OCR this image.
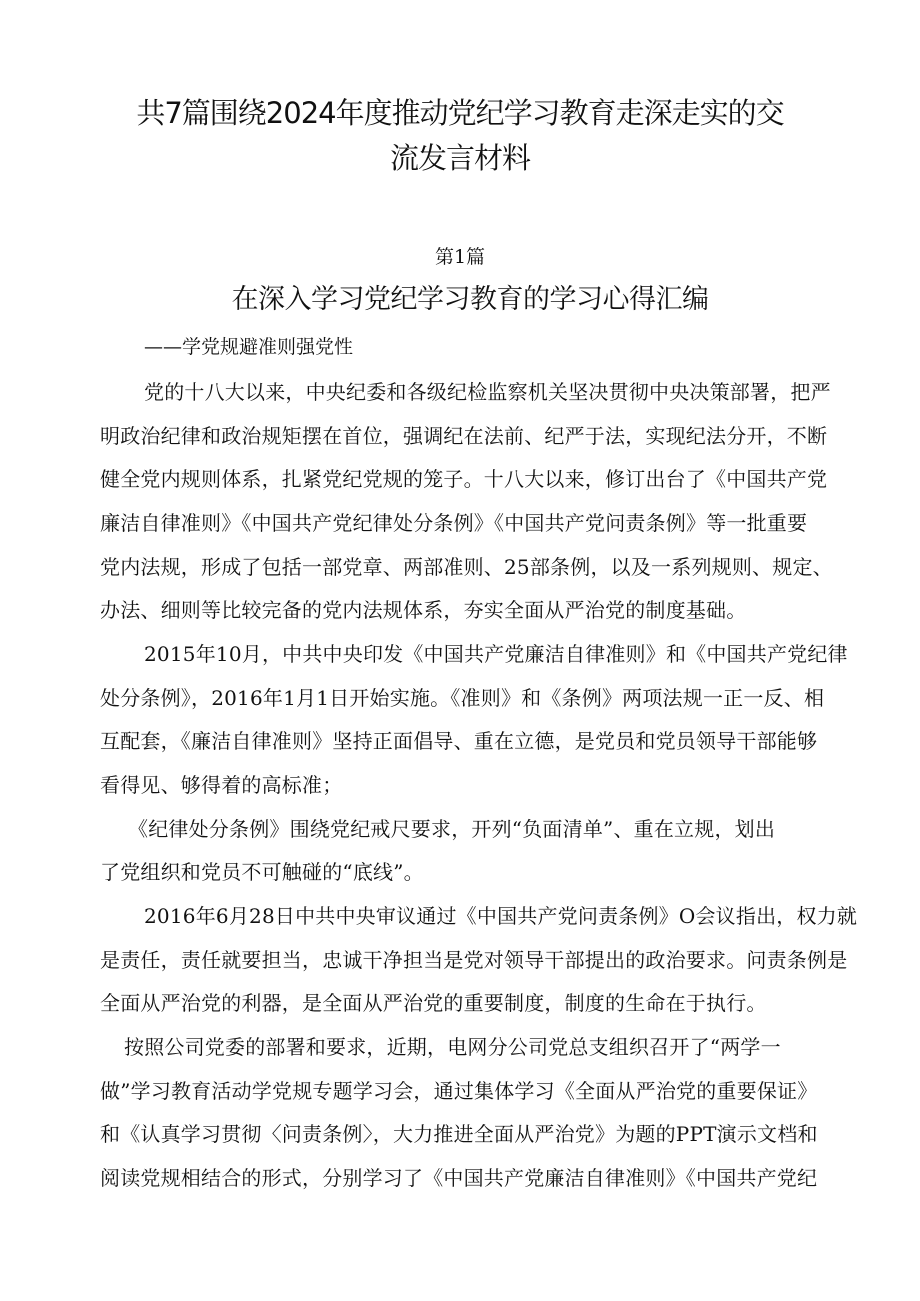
共7篇围绕2024年度推动党纪学习教育走深走实的交
流发言材料
第1篇
在深入学习党纪学习教育的学习心得汇编
——学党规避准则强党性
党的十八大以来，中央纪委和各级纪检监察机关坚决贯彻中央决策部署，把严
明政治纪律和政治规矩摆在首位，强调纪在法前、纪严于法，实现纪法分开，不断
健全党内规则体系，扎紧党纪党规的笼子。十八大以来，修订出台了《中国共产党
廉洁自律准则》《中国共产党纪律处分条例》《中国共产党问责条例》等一批重要
党内法规，形成了包括一部党章、两部准则、25部条例，以及一系列规则、规定、
办法、细则等比较完备的党内法规体系，夯实全面从严治党的制度基础。
2015年10月，中共中央印发《中国共产党廉洁自律准则》和《中国共产党纪律
处分条例》，2016年1月1日开始实施。《准则》和《条例》两项法规一正一反、相
互配套，《廉洁自律准则》坚持正面倡导、重在立德，是党员和党员领导干部能够
看得见、够得着的高标准；
《纪律处分条例》围绕党纪戒尺要求，开列“负面清单”、重在立规，划出
了党组织和党员不可触碰的“底线”。
2016年6月28日中共中央审议通过《中国共产党问责条例》O会议指出，权力就
是责任，责任就要担当，忠诚干净担当是党对领导干部提出的政治要求。问责条例是
全面从严治党的利器，是全面从严治党的重要制度，制度的生命在于执行。
按照公司党委的部署和要求，近期，电网分公司党总支组织召开了“两学一
做”学习教育活动学党规专题学习会，通过集体学习《全面从严治党的重要保证》
和《认真学习贯彻〈问责条例〉，大力推进全面从严治党》为题的PPT演示文档和
阅读党规相结合的形式，分别学习了《中国共产党廉洁自律准则》《中国共产党纪
